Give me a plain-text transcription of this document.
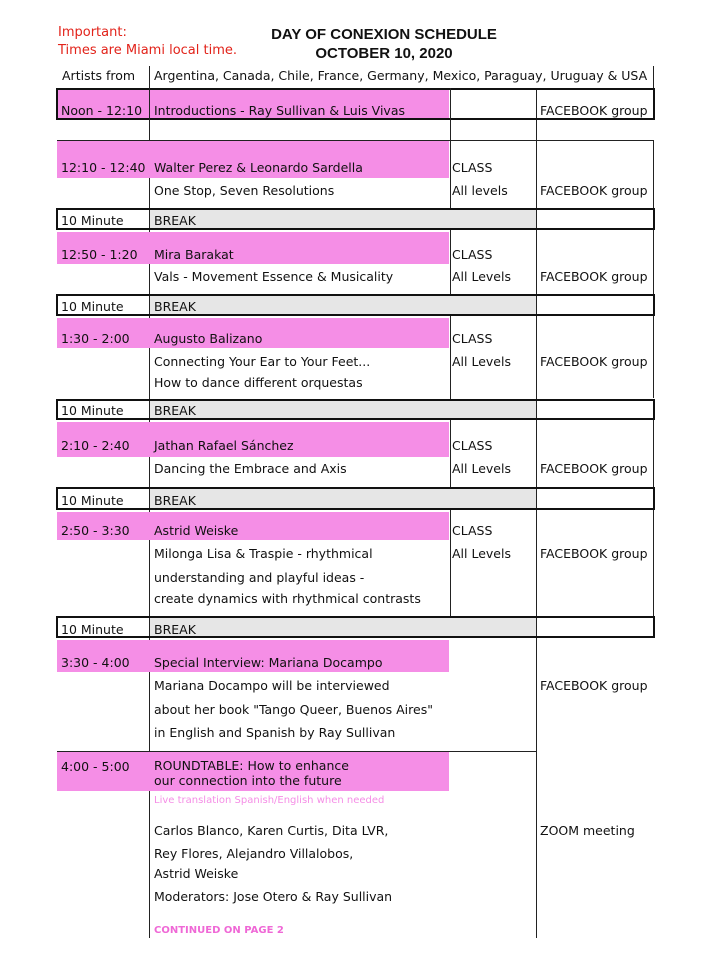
Important:
Times are Miami local time.
DAY OF CONEXION SCHEDULE
OCTOBER 10, 2020
Artists from Argentina, Canada, Chile, France, Germany, Mexico, Paraguay, Uruguay & USA
Noon - 12:10 Introductions - Ray Sullivan & Luis Vivas	FACEBOOK group
12:10 - 12:40 Walter Perez & Leonardo Sardella	CLASS
One Stop, Seven Resolutions	All levels	FACEBOOK group
10 Minute BREAK
12:50 - 1:20 Mira Barakat	CLASS
Vals - Movement Essence & Musicality	All Levels FACEBOOK group
10 Minute BREAK
1:30 - 2:00 Augusto Balizano	CLASS
Connecting Your Ear to Your Feet...	All Levels FACEBOOK group
How to dance different orquestas
10 Minute BREAK
2:10 - 2:40 Jathan Rafael Sánchez	CLASS
Dancing the Embrace and Axis	All Levels FACEBOOK group
10 Minute BREAK
2:50 - 3:30 Astrid Weiske	CLASS
Milonga Lisa & Traspie - rhythmical	All Levels FACEBOOK group
understanding and playful ideas -
create dynamics with rhythmical contrasts
10 Minute BREAK
3:30 - 4:00 Special Interview: Mariana Docampo
Mariana Docampo will be interviewed	FACEBOOK group
about her book "Tango Queer, Buenos Aires"
in English and Spanish by Ray Sullivan
4:00 - 5:00 ROUNDTABLE: How to enhance
our connection into the future
Live translation Spanish/English when needed
Carlos Blanco, Karen Curtis, Dita LVR,	ZOOM meeting
Rey Flores, Alejandro Villalobos,
Astrid Weiske
Moderators: Jose Otero & Ray Sullivan
CONTINUED ON PAGE 2
